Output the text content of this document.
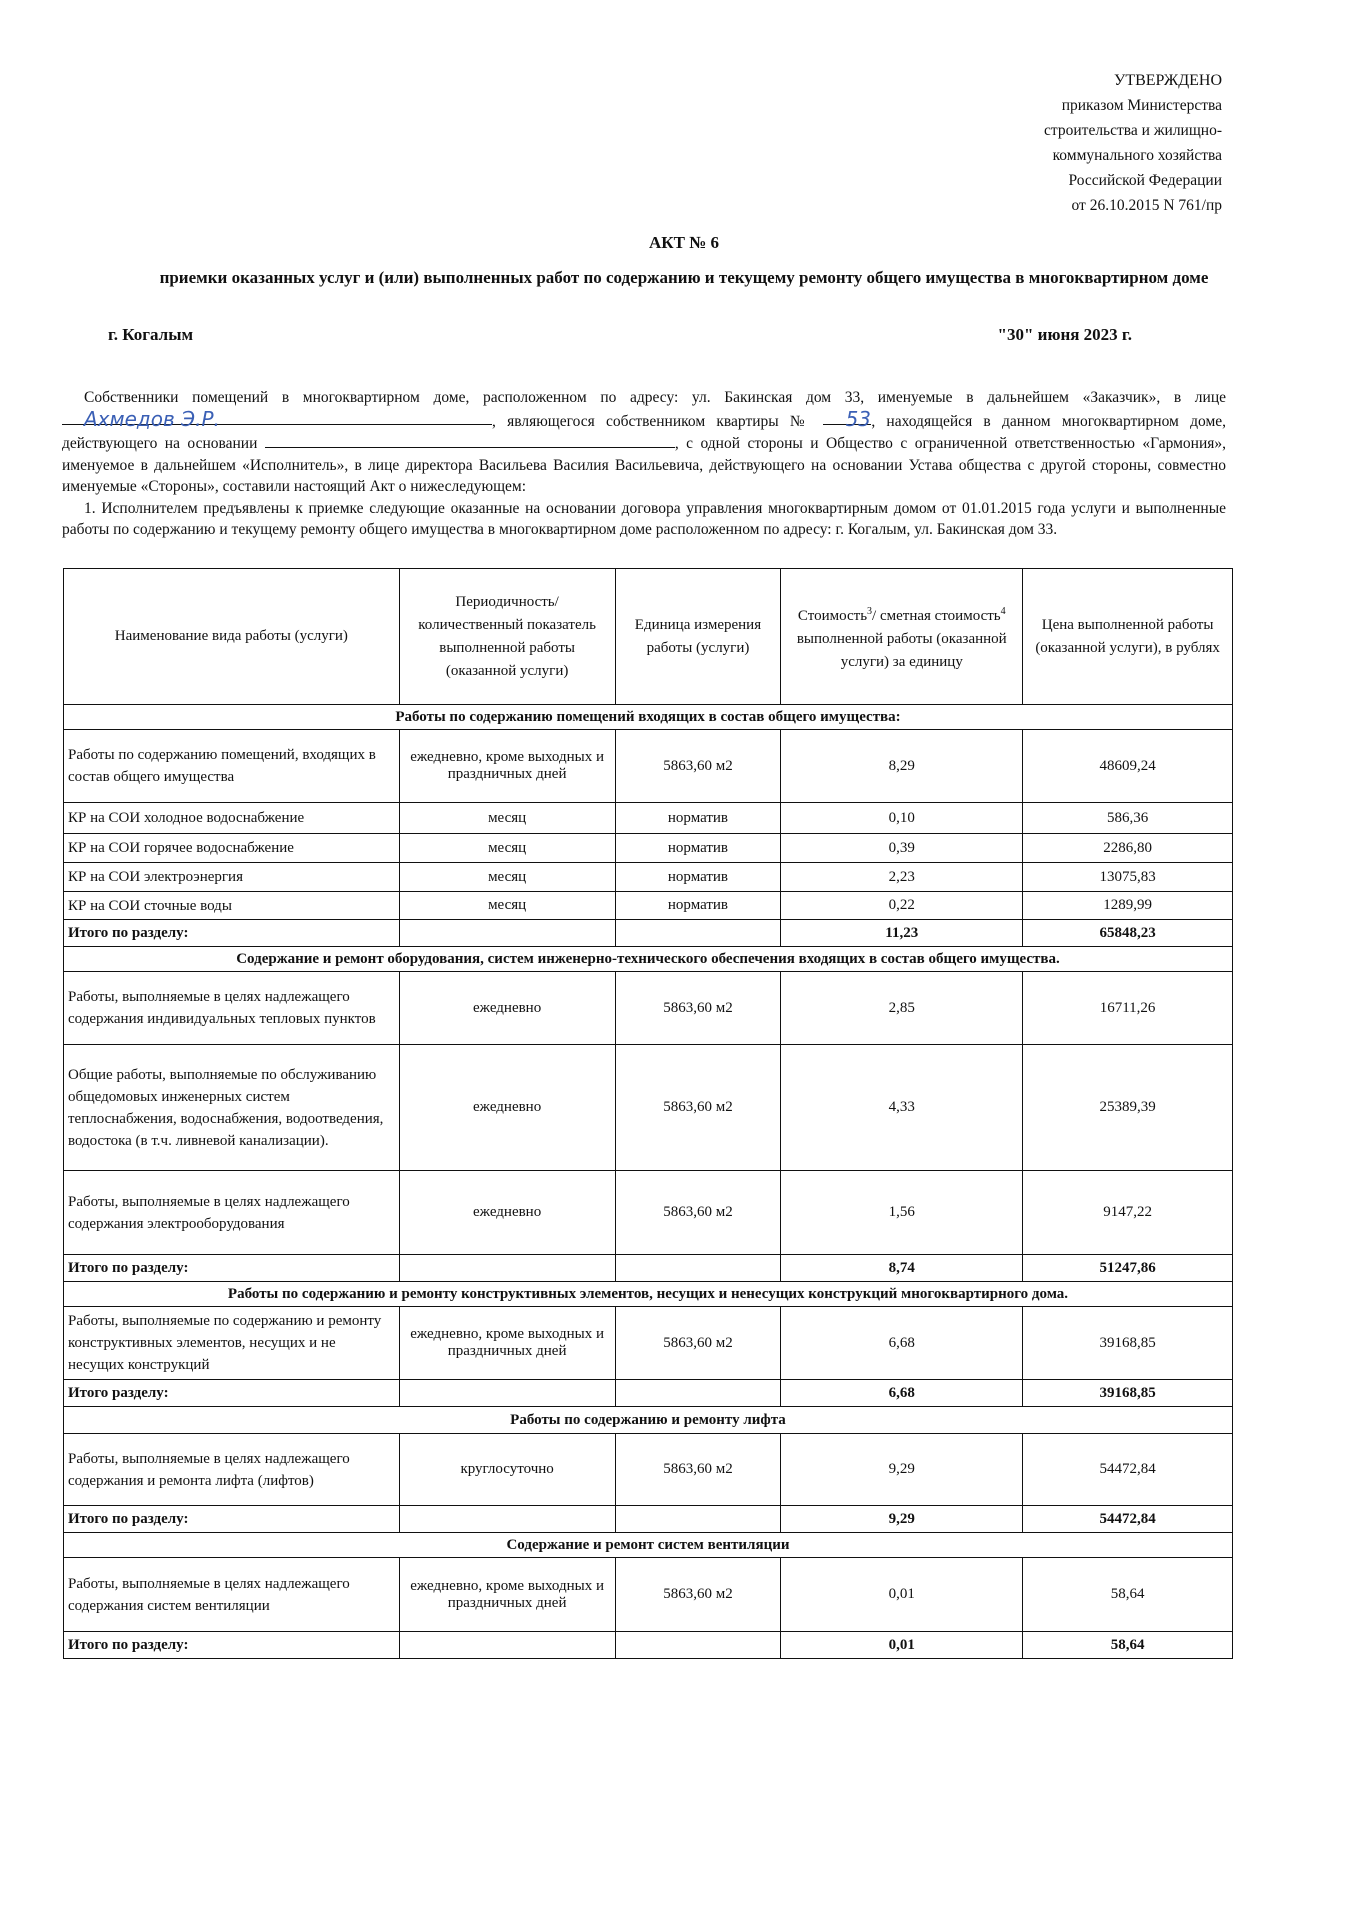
УТВЕРЖДЕНО
приказом Министерства
строительства и жилищно-
коммунального хозяйства
Российской Федерации
от 26.10.2015 N 761/пр
АКТ № 6
приемки оказанных услуг и (или) выполненных работ по содержанию и текущему ремонту общего имущества в многоквартирном доме
г. Когалым	"30" июня 2023 г.

Собственники помещений в многоквартирном доме, расположенном по адресу: ул. Бакинская дом 33, именуемые в дальнейшем «Заказчик», в лице Ахмедов Э.Р.	, являющегося собственником квартиры № 53, находящейся в данном многоквартирном доме, действующего на основании	, с одной стороны и Общество с ограниченной ответственностью «Гармония», именуемое в дальнейшем «Исполнитель», в лице директора Васильева Василия Васильевича, действующего на основании Устава общества с другой стороны, совместно именуемые «Стороны», составили настоящий Акт о нижеследующем:

1. Исполнителем предъявлены к приемке следующие оказанные на основании договора управления многоквартирным домом от 01.01.2015 года услуги и выполненные работы по содержанию и текущему ремонту общего имущества в многоквартирном доме расположенном по адресу: г. Когалым, ул. Бакинская дом 33.

Наименование вида работы (услуги)	Периодичность/ количественный показатель выполненной работы (оказанной услуги)	Единица измерения работы (услуги)	Стоимость$^3$/ сметная стоимость$^4$ выполненной работы (оказанной услуги) за единицу	Цена выполненной работы (оказанной услуги), в рублях
Работы по содержанию помещений входящих в состав общего имущества:				
Работы по содержанию помещений, входящих в состав общего имущества	ежедневно, кроме выходных и праздничных дней	5863,60 м2	8,29	48609,24
КР на СОИ холодное водоснабжение	месяц	норматив	0,10	586,36
КР на СОИ горячее водоснабжение	месяц	норматив	0,39	2286,80
КР на СОИ электроэнергия	месяц	норматив	2,23	13075,83
КР на СОИ сточные воды	месяц	норматив	0,22	1289,99
Итого по разделу:			11,23	65848,23
Содержание и ремонт оборудования, систем инженерно-технического обеспечения входящих в состав общего имущества.				
Работы, выполняемые в целях надлежащего содержания индивидуальных тепловых пунктов	ежедневно	5863,60 м2	2,85	16711,26
Общие работы, выполняемые по обслуживанию общедомовых инженерных систем теплоснабжения, водоснабжения, водоотведения, водостока (в т.ч. ливневой канализации).	ежедневно	5863,60 м2	4,33	25389,39
Работы, выполняемые в целях надлежащего содержания электрооборудования	ежедневно	5863,60 м2	1,56	9147,22
Итого по разделу:			8,74	51247,86
Работы по содержанию и ремонту конструктивных элементов, несущих и ненесущих конструкций многоквартирного дома.				
Работы, выполняемые по содержанию и ремонту конструктивных элементов, несущих и не несущих конструкций	ежедневно, кроме выходных и праздничных дней	5863,60 м2	6,68	39168,85
Итого разделу:			6,68	39168,85
Работы по содержанию и ремонту лифта				
Работы, выполняемые в целях надлежащего содержания и ремонта лифта (лифтов)	круглосуточно	5863,60 м2	9,29	54472,84
Итого по разделу:			9,29	54472,84
Содержание и ремонт систем вентиляции				
Работы, выполняемые в целях надлежащего содержания систем вентиляции	ежедневно, кроме выходных и праздничных дней	5863,60 м2	0,01	58,64
Итого по разделу:			0,01	58,64
